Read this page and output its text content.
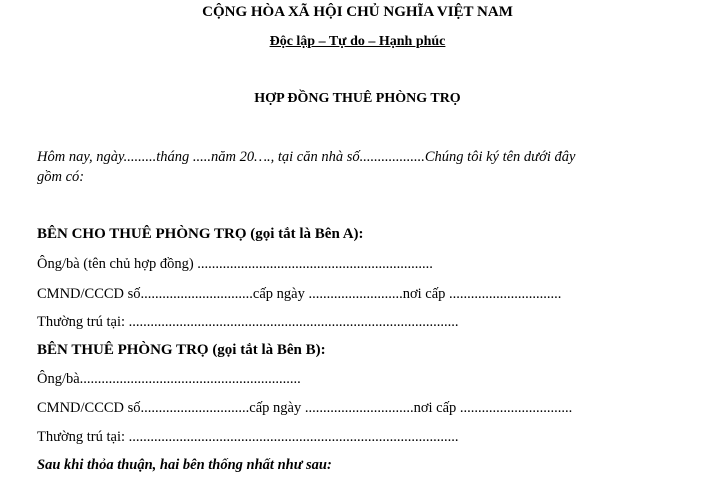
CỘNG HÒA XÃ HỘI CHỦ NGHĨA VIỆT NAM
Độc lập – Tự do – Hạnh phúc
HỢP ĐỒNG THUÊ PHÒNG TRỌ
Hôm nay, ngày.........tháng .....năm 20…., tại căn nhà số..................Chúng tôi ký tên dưới đây
gồm có:
BÊN CHO THUÊ PHÒNG TRỌ (gọi tắt là Bên A):
Ông/bà (tên chủ hợp đồng) .................................................................
CMND/CCCD số...............................cấp ngày ..........................nơi cấp ...............................
Thường trú tại: ...........................................................................................
BÊN THUÊ PHÒNG TRỌ (gọi tắt là Bên B):
Ông/bà.............................................................
CMND/CCCD số..............................cấp ngày ..............................nơi cấp ...............................
Thường trú tại: ...........................................................................................
Sau khi thỏa thuận, hai bên thống nhất như sau:
